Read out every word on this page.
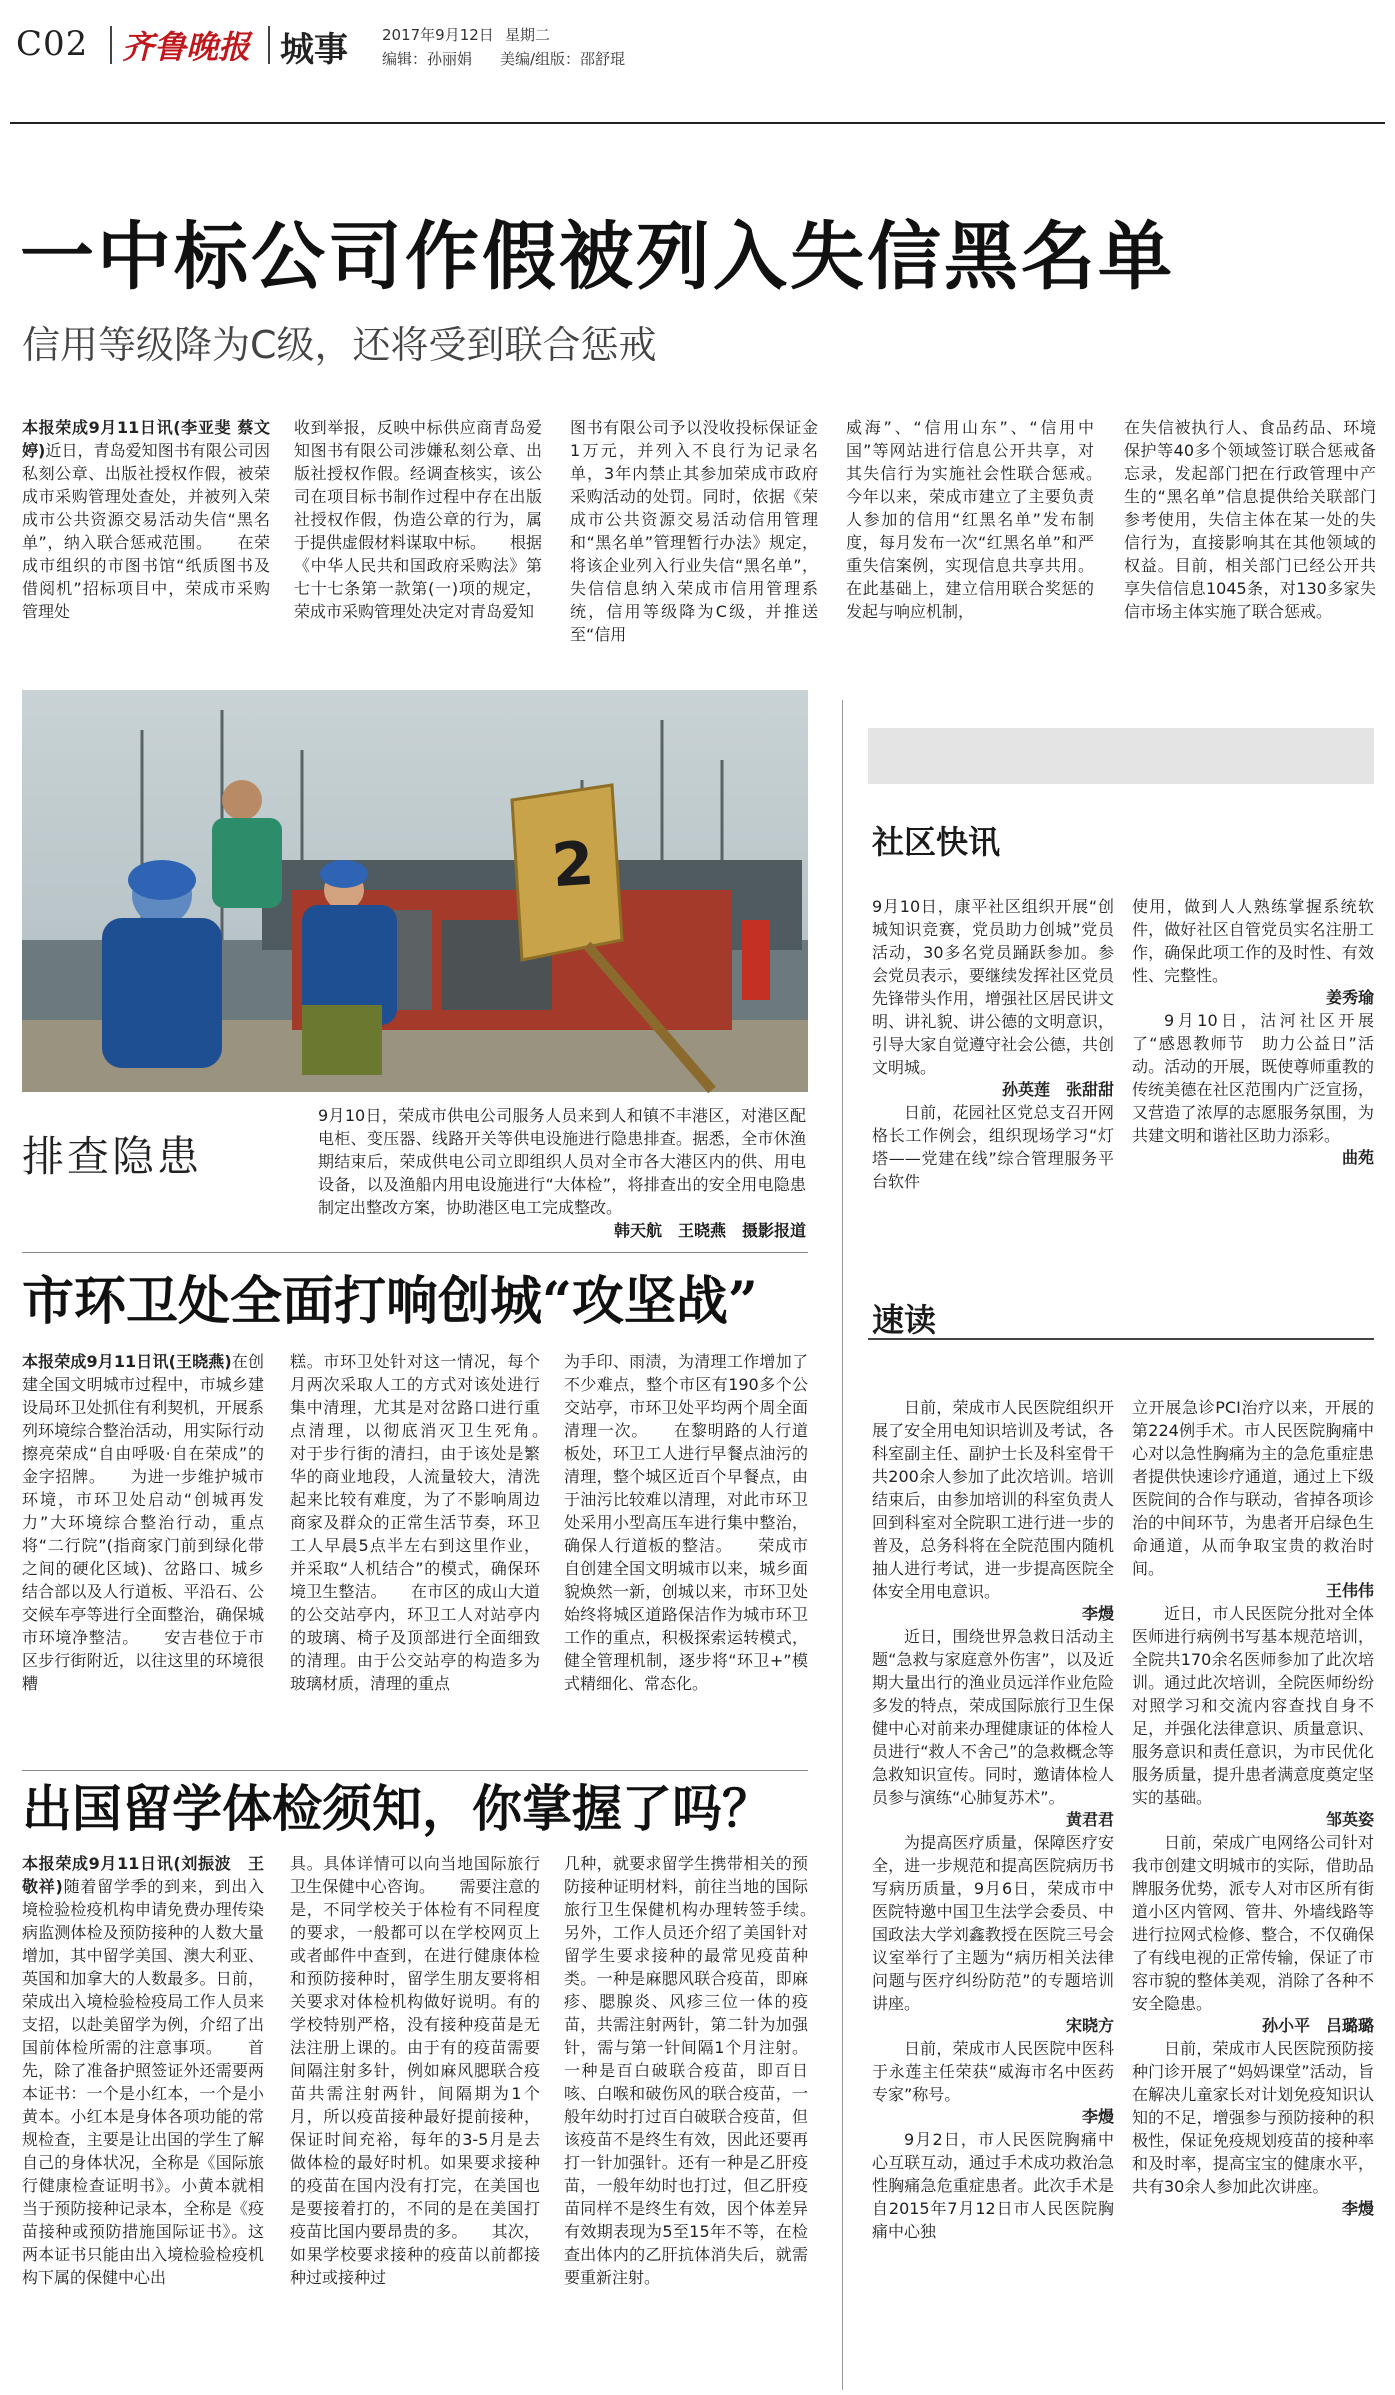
C02 齐鲁晚报 城事 2017年9月12日 星期二
编辑：孙丽娟 美编/组版：邵舒琨
一中标公司作假被列入失信黑名单
信用等级降为C级，还将受到联合惩戒
本报荣成9月11日讯(李亚斐 蔡文婷)近日，青岛爱知图书有限公司因私刻公章、出版社授权作假，被荣成市采购管理处查处，并被列入荣成市公共资源交易活动失信“黑名单”，纳入联合惩戒范围。　　在荣成市组织的市图书馆“纸质图书及借阅机”招标项目中，荣成市采购管理处
收到举报，反映中标供应商青岛爱知图书有限公司涉嫌私刻公章、出版社授权作假。经调查核实，该公司在项目标书制作过程中存在出版社授权作假，伪造公章的行为，属于提供虚假材料谋取中标。　　根据《中华人民共和国政府采购法》第七十七条第一款第(一)项的规定，荣成市采购管理处决定对青岛爱知
图书有限公司予以没收投标保证金1万元，并列入不良行为记录名单，3年内禁止其参加荣成市政府采购活动的处罚。同时，依据《荣成市公共资源交易活动信用管理和“黑名单”管理暂行办法》规定，将该企业列入行业失信“黑名单”，失信信息纳入荣成市信用管理系统，信用等级降为C级，并推送至“信用
威海”、“信用山东”、“信用中国”等网站进行信息公开共享，对其失信行为实施社会性联合惩戒。　　今年以来，荣成市建立了主要负责人参加的信用“红黑名单”发布制度，每月发布一次“红黑名单”和严重失信案例，实现信息共享共用。在此基础上，建立信用联合奖惩的发起与响应机制，
在失信被执行人、食品药品、环境保护等40多个领域签订联合惩戒备忘录，发起部门把在行政管理中产生的“黑名单”信息提供给关联部门参考使用，失信主体在某一处的失信行为，直接影响其在其他领域的权益。目前，相关部门已经公开共享失信信息1045条，对130多家失信市场主体实施了联合惩戒。
2
排查隐患
9月10日，荣成市供电公司服务人员来到人和镇不丰港区，对港区配电柜、变压器、线路开关等供电设施进行隐患排查。据悉，全市休渔期结束后，荣成供电公司立即组织人员对全市各大港区内的供、用电设备，以及渔船内用电设施进行“大体检”，将排查出的安全用电隐患制定出整改方案，协助港区电工完成整改。
韩天航　王晓燕　摄影报道
社区快讯
9月10日，康平社区组织开展“创城知识竞赛，党员助力创城”党员活动，30多名党员踊跃参加。参会党员表示，要继续发挥社区党员先锋带头作用，增强社区居民讲文明、讲礼貌、讲公德的文明意识，引导大家自觉遵守社会公德，共创文明城。
孙英莲　张甜甜
日前，花园社区党总支召开网格长工作例会，组织现场学习“灯塔——党建在线”综合管理服务平台软件
使用，做到人人熟练掌握系统软件，做好社区自管党员实名注册工作，确保此项工作的及时性、有效性、完整性。
姜秀瑜
9月10日，沽河社区开展了“感恩教师节　助力公益日”活动。活动的开展，既使尊师重教的传统美德在社区范围内广泛宣扬，又营造了浓厚的志愿服务氛围，为共建文明和谐社区助力添彩。
曲苑
市环卫处全面打响创城“攻坚战”
本报荣成9月11日讯(王晓燕)在创建全国文明城市过程中，市城乡建设局环卫处抓住有利契机，开展系列环境综合整治活动，用实际行动擦亮荣成“自由呼吸·自在荣成”的金字招牌。　　为进一步维护城市环境，市环卫处启动“创城再发力”大环境综合整治行动，重点将“二行院”(指商家门前到绿化带之间的硬化区域)、岔路口、城乡结合部以及人行道板、平沿石、公交候车亭等进行全面整治，确保城市环境净整洁。　　安吉巷位于市区步行街附近，以往这里的环境很糟
糕。市环卫处针对这一情况，每个月两次采取人工的方式对该处进行集中清理，尤其是对岔路口进行重点清理，以彻底消灭卫生死角。　　对于步行街的清扫，由于该处是繁华的商业地段，人流量较大，清洗起来比较有难度，为了不影响周边商家及群众的正常生活节奏，环卫工人早晨5点半左右到这里作业，并采取“人机结合”的模式，确保环境卫生整洁。　　在市区的成山大道的公交站亭内，环卫工人对站亭内的玻璃、椅子及顶部进行全面细致的清理。由于公交站亭的构造多为玻璃材质，清理的重点
为手印、雨渍，为清理工作增加了不少难点，整个市区有190多个公交站亭，市环卫处平均两个周全面清理一次。　　在黎明路的人行道板处，环卫工人进行早餐点油污的清理，整个城区近百个早餐点，由于油污比较难以清理，对此市环卫处采用小型高压车进行集中整治，确保人行道板的整洁。　　荣成市自创建全国文明城市以来，城乡面貌焕然一新，创城以来，市环卫处始终将城区道路保洁作为城市环卫工作的重点，积极探索运转模式，健全管理机制，逐步将“环卫+”模式精细化、常态化。
出国留学体检须知，你掌握了吗？
本报荣成9月11日讯(刘振波　王敬祥)随着留学季的到来，到出入境检验检疫机构申请免费办理传染病监测体检及预防接种的人数大量增加，其中留学美国、澳大利亚、英国和加拿大的人数最多。日前，荣成出入境检验检疫局工作人员来支招，以赴美留学为例，介绍了出国前体检所需的注意事项。　　首先，除了准备护照签证外还需要两本证书：一个是小红本，一个是小黄本。小红本是身体各项功能的常规检查，主要是让出国的学生了解自己的身体状况，全称是《国际旅行健康检查证明书》。小黄本就相当于预防接种记录本，全称是《疫苗接种或预防措施国际证书》。这两本证书只能由出入境检验检疫机构下属的保健中心出
具。具体详情可以向当地国际旅行卫生保健中心咨询。　　需要注意的是，不同学校关于体检有不同程度的要求，一般都可以在学校网页上或者邮件中查到，在进行健康体检和预防接种时，留学生朋友要将相关要求对体检机构做好说明。有的学校特别严格，没有接种疫苗是无法注册上课的。由于有的疫苗需要间隔注射多针，例如麻风腮联合疫苗共需注射两针，间隔期为1个月，所以疫苗接种最好提前接种，保证时间充裕，每年的3-5月是去做体检的最好时机。如果要求接种的疫苗在国内没有打完，在美国也是要接着打的，不同的是在美国打疫苗比国内要昂贵的多。　　其次，如果学校要求接种的疫苗以前都接种过或接种过
几种，就要求留学生携带相关的预防接种证明材料，前往当地的国际旅行卫生保健机构办理转签手续。　　另外，工作人员还介绍了美国针对留学生要求接种的最常见疫苗种类。一种是麻腮风联合疫苗，即麻疹、腮腺炎、风疹三位一体的疫苗，共需注射两针，第二针为加强针，需与第一针间隔1个月注射。一种是百白破联合疫苗，即百日咳、白喉和破伤风的联合疫苗，一般年幼时打过百白破联合疫苗，但该疫苗不是终生有效，因此还要再打一针加强针。还有一种是乙肝疫苗，一般年幼时也打过，但乙肝疫苗同样不是终生有效，因个体差异有效期表现为5至15年不等，在检查出体内的乙肝抗体消失后，就需要重新注射。
速读
日前，荣成市人民医院组织开展了安全用电知识培训及考试，各科室副主任、副护士长及科室骨干共200余人参加了此次培训。培训结束后，由参加培训的科室负责人回到科室对全院职工进行进一步的普及，总务科将在全院范围内随机抽人进行考试，进一步提高医院全体安全用电意识。
李熳
近日，围绕世界急救日活动主题“急救与家庭意外伤害”，以及近期大量出行的渔业员远洋作业危险多发的特点，荣成国际旅行卫生保健中心对前来办理健康证的体检人员进行“救人不舍己”的急救概念等急救知识宣传。同时，邀请体检人员参与演练“心肺复苏术”。
黄君君
为提高医疗质量，保障医疗安全，进一步规范和提高医院病历书写病历质量，9月6日，荣成市中医院特邀中国卫生法学会委员、中国政法大学刘鑫教授在医院三号会议室举行了主题为“病历相关法律问题与医疗纠纷防范”的专题培训讲座。
宋晓方
日前，荣成市人民医院中医科于永莲主任荣获“威海市名中医药专家”称号。
李熳
9月2日，市人民医院胸痛中心互联互动，通过手术成功救治急性胸痛急危重症患者。此次手术是自2015年7月12日市人民医院胸痛中心独
立开展急诊PCI治疗以来，开展的第224例手术。市人民医院胸痛中心对以急性胸痛为主的急危重症患者提供快速诊疗通道，通过上下级医院间的合作与联动，省掉各项诊治的中间环节，为患者开启绿色生命通道，从而争取宝贵的救治时间。
王伟伟
近日，市人民医院分批对全体医师进行病例书写基本规范培训，全院共170余名医师参加了此次培训。通过此次培训，全院医师纷纷对照学习和交流内容查找自身不足，并强化法律意识、质量意识、服务意识和责任意识，为市民优化服务质量，提升患者满意度奠定坚实的基础。
邹英姿
日前，荣成广电网络公司针对我市创建文明城市的实际，借助品牌服务优势，派专人对市区所有街道小区内管网、管井、外墙线路等进行拉网式检修、整合，不仅确保了有线电视的正常传输，保证了市容市貌的整体美观，消除了各种不安全隐患。
孙小平　吕璐璐
日前，荣成市人民医院预防接种门诊开展了“妈妈课堂”活动，旨在解决儿童家长对计划免疫知识认知的不足，增强参与预防接种的积极性，保证免疫规划疫苗的接种率和及时率，提高宝宝的健康水平，共有30余人参加此次讲座。
李熳
